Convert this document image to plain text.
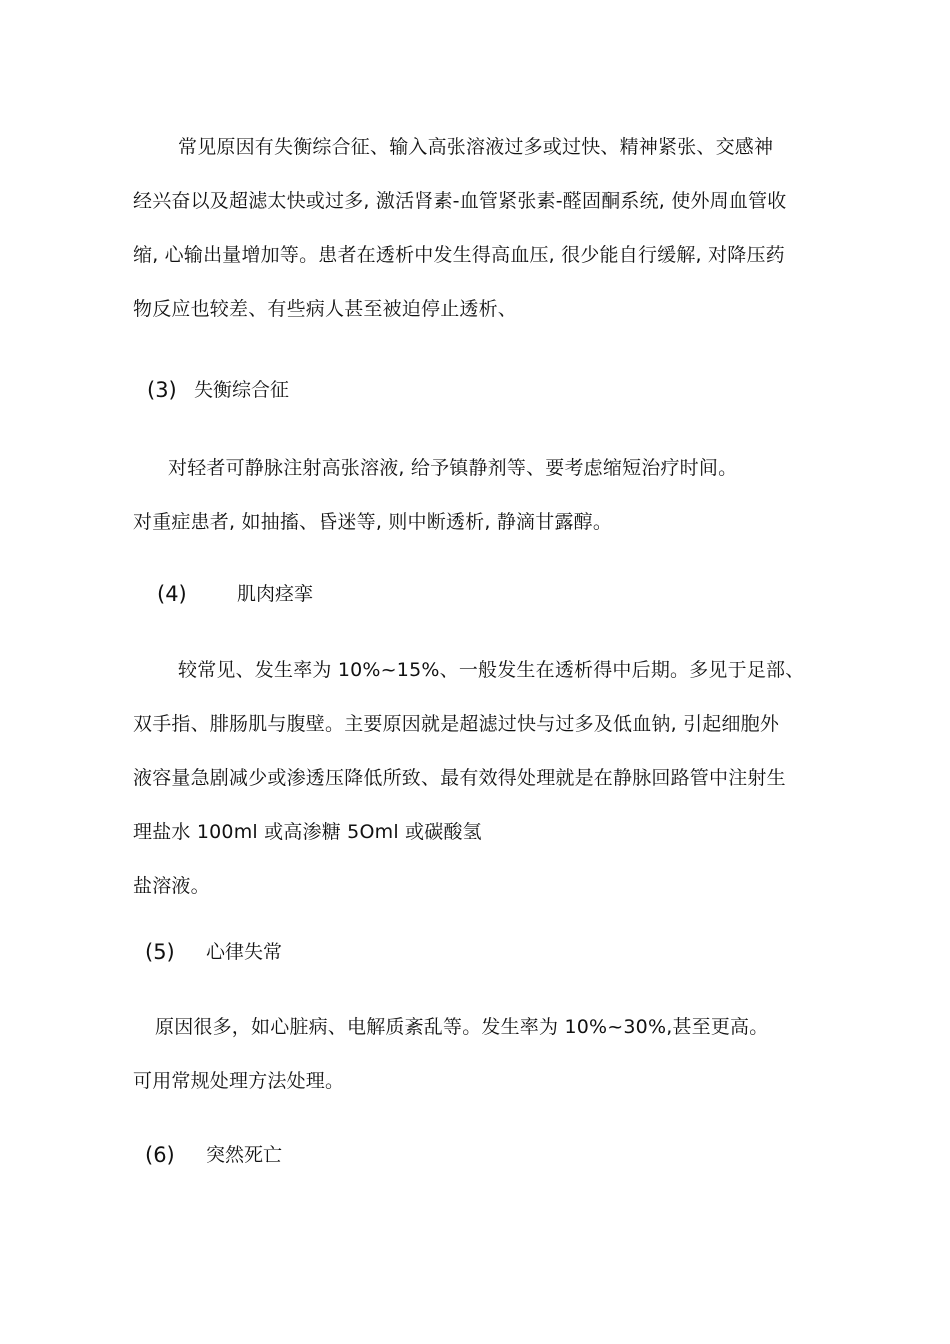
常见原因有失衡综合征、输入高张溶液过多或过快、精神紧张、交感神
经兴奋以及超滤太快或过多, 激活肾素-血管紧张素-醛固酮系统, 使外周血管收
缩, 心输出量增加等。患者在透析中发生得高血压, 很少能自行缓解, 对降压药
物反应也较差、有些病人甚至被迫停止透析、
(3) 失衡综合征
对轻者可静脉注射高张溶液, 给予镇静剂等、要考虑缩短治疗时间。
对重症患者, 如抽搐、昏迷等, 则中断透析, 静滴甘露醇。
(4)	肌肉痉挛
较常见、发生率为 10%~15%、一般发生在透析得中后期。多见于足部、
双手指、腓肠肌与腹壁。主要原因就是超滤过快与过多及低血钠, 引起细胞外
液容量急剧减少或渗透压降低所致、最有效得处理就是在静脉回路管中注射生
理盐水 100ml 或高渗糖 5Oml 或碳酸氢
盐溶液。
(5) 心律失常
原因很多，如心脏病、电解质紊乱等。发生率为 10%~30%,甚至更高。
可用常规处理方法处理。
(6) 突然死亡
